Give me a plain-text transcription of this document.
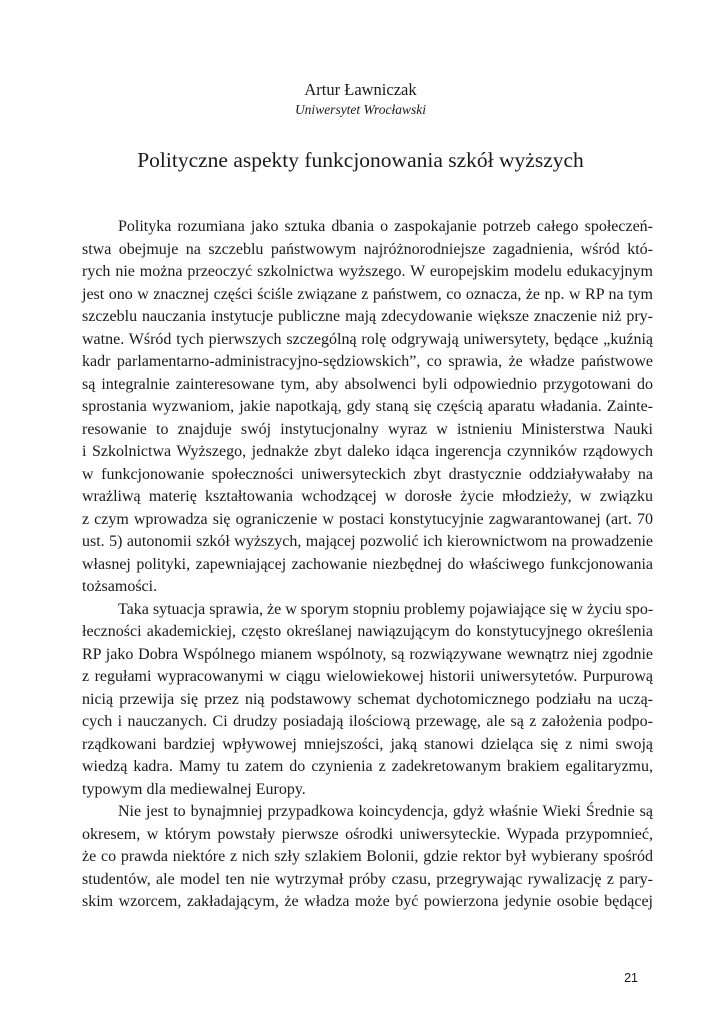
Artur Ławniczak
Uniwersytet Wrocławski
Polityczne aspekty funkcjonowania szkół wyższych
Polityka rozumiana jako sztuka dbania o zaspokajanie potrzeb całego społeczeń-
stwa obejmuje na szczeblu państwowym najróżnorodniejsze zagadnienia, wśród któ-
rych nie można przeoczyć szkolnictwa wyższego. W europejskim modelu edukacyjnym
jest ono w znacznej części ściśle związane z państwem, co oznacza, że np. w RP na tym
szczeblu nauczania instytucje publiczne mają zdecydowanie większe znaczenie niż pry-
watne. Wśród tych pierwszych szczególną rolę odgrywają uniwersytety, będące „kuźnią
kadr parlamentarno-administracyjno-sędziowskich”, co sprawia, że władze państwowe
są integralnie zainteresowane tym, aby absolwenci byli odpowiednio przygotowani do
sprostania wyzwaniom, jakie napotkają, gdy staną się częścią aparatu władania. Zainte-
resowanie to znajduje swój instytucjonalny wyraz w istnieniu Ministerstwa Nauki
i Szkolnictwa Wyższego, jednakże zbyt daleko idąca ingerencja czynników rządowych
w funkcjonowanie społeczności uniwersyteckich zbyt drastycznie oddziaływałaby na
wrażliwą materię kształtowania wchodzącej w dorosłe życie młodzieży, w związku
z czym wprowadza się ograniczenie w postaci konstytucyjnie zagwarantowanej (art. 70
ust. 5) autonomii szkół wyższych, mającej pozwolić ich kierownictwom na prowadzenie
własnej polityki, zapewniającej zachowanie niezbędnej do właściwego funkcjonowania
tożsamości.
Taka sytuacja sprawia, że w sporym stopniu problemy pojawiające się w życiu spo-
łeczności akademickiej, często określanej nawiązującym do konstytucyjnego określenia
RP jako Dobra Wspólnego mianem wspólnoty, są rozwiązywane wewnątrz niej zgodnie
z regułami wypracowanymi w ciągu wielowiekowej historii uniwersytetów. Purpurową
nicią przewija się przez nią podstawowy schemat dychotomicznego podziału na uczą-
cych i nauczanych. Ci drudzy posiadają ilościową przewagę, ale są z założenia podpo-
rządkowani bardziej wpływowej mniejszości, jaką stanowi dzieląca się z nimi swoją
wiedzą kadra. Mamy tu zatem do czynienia z zadekretowanym brakiem egalitaryzmu,
typowym dla mediewalnej Europy.
Nie jest to bynajmniej przypadkowa koincydencja, gdyż właśnie Wieki Średnie są
okresem, w którym powstały pierwsze ośrodki uniwersyteckie. Wypada przypomnieć,
że co prawda niektóre z nich szły szlakiem Bolonii, gdzie rektor był wybierany spośród
studentów, ale model ten nie wytrzymał próby czasu, przegrywając rywalizację z pary-
skim wzorcem, zakładającym, że władza może być powierzona jedynie osobie będącej
21
